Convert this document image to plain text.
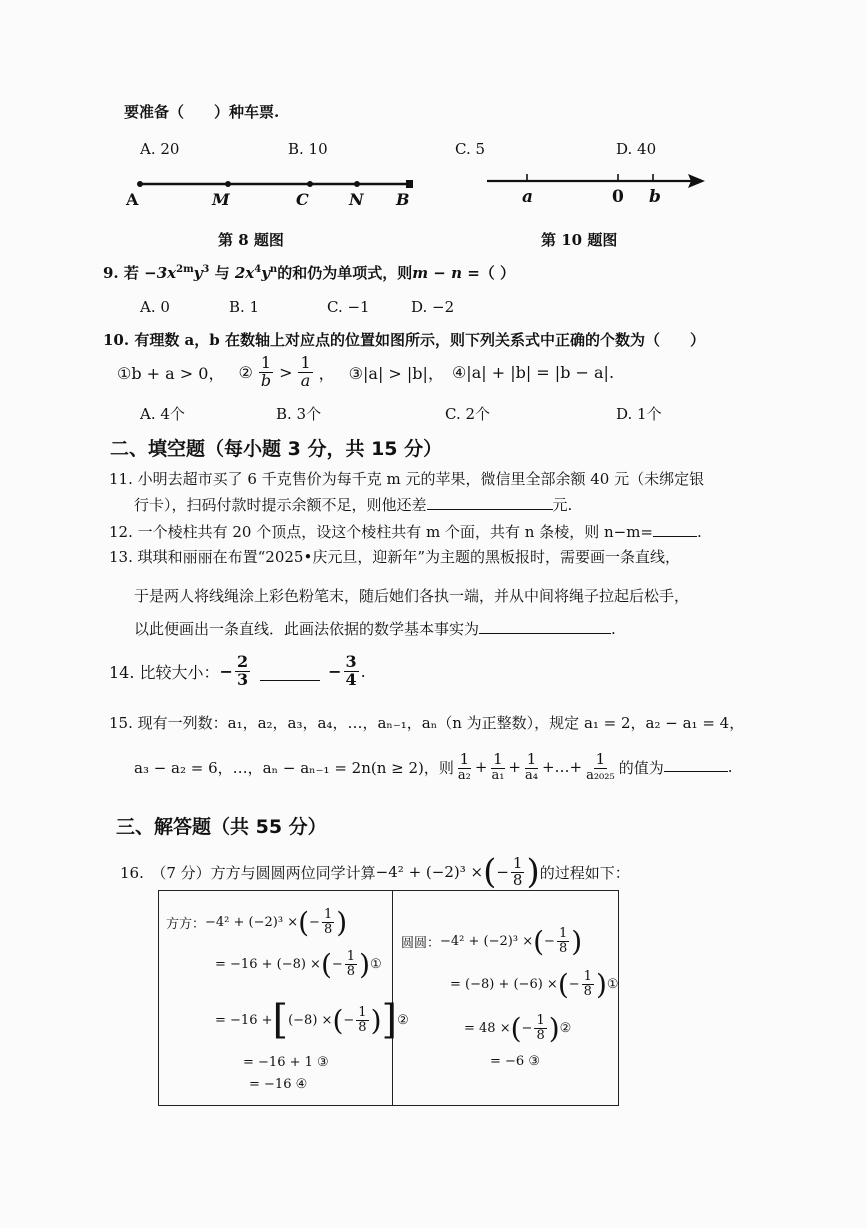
要准备（ ）种车票.
A. 20	B. 10	C. 5	D. 40
A	M	C	N B
第 8 题图
a	0 b
第 10 题图
9. 若 $-3x^{2m}y^3$ 与 $2x^4y^n$的和仍为单项式，则m − n =（ ）
A. 0	B. 1	C. −1	D. −2
10. 有理数 a，b 在数轴上对应点的位置如图所示，则下列关系式中正确的个数为（　　）
①b + a > 0， ② $\frac{1}{b} > \frac{1}{a}$ ， ③|a| > |b|， ④|a| + |b| = |b − a|.
A. 4个	B. 3个	C. 2个	D. 1个
二、填空题（每小题 3 分，共 15 分）
11. 小明去超市买了 6 千克售价为每千克 m 元的苹果，微信里全部余额 40 元（未绑定银
行卡），扫码付款时提示余额不足，则他还差	元.
12. 一个棱柱共有 20 个顶点，设这个棱柱共有 m 个面，共有 n 条棱，则 n−m=	.
13. 琪琪和丽丽在布置“2025•庆元旦，迎新年”为主题的黑板报时，需要画一条直线，
于是两人将线绳涂上彩色粉笔末，随后她们各执一端，并从中间将绳子拉起后松手，
以此便画出一条直线．此画法依据的数学基本事实为	.
14. 比较大小： − $\frac{2}{3}$	− $\frac{3}{4}$ .
15. 现有一列数：a₁，a₂，a₃，a₄，…，aₙ₋₁，aₙ（n 为正整数），规定 a₁ = 2，a₂ − a₁ = 4，
a₃ − a₂ = 6，…，aₙ − aₙ₋₁ = 2n(n ≥ 2)，则 $\frac{1}{\text{a₂}} + \frac{1}{\text{a₁}} + \frac{1}{\text{a₄}}$ +…+ $\frac{1}{\text{a₂₀₂₅}}$ 的值为	.
三、解答题（共 55 分）
16.　（7 分）方方与圆圆两位同学计算 −4² + (−2)³ × ( − $\frac{1}{8}$ ) 的过程如下：
方方： −4² + (−2)³ × ( − $\frac{1}{8}$ )
= −16 + (−8) × ( − $\frac{1}{8}$ ) ①
= −16 + [ (−8) × ( − $\frac{1}{8}$ ) ] ②
= −16 + 1 ③
= −16 ④
圆圆： −4² + (−2)³ × ( − $\frac{1}{8}$ )
= (−8) + (−6) × ( − $\frac{1}{8}$ ) ①
= 48 × ( − $\frac{1}{8}$ ) ②
= −6 ③
